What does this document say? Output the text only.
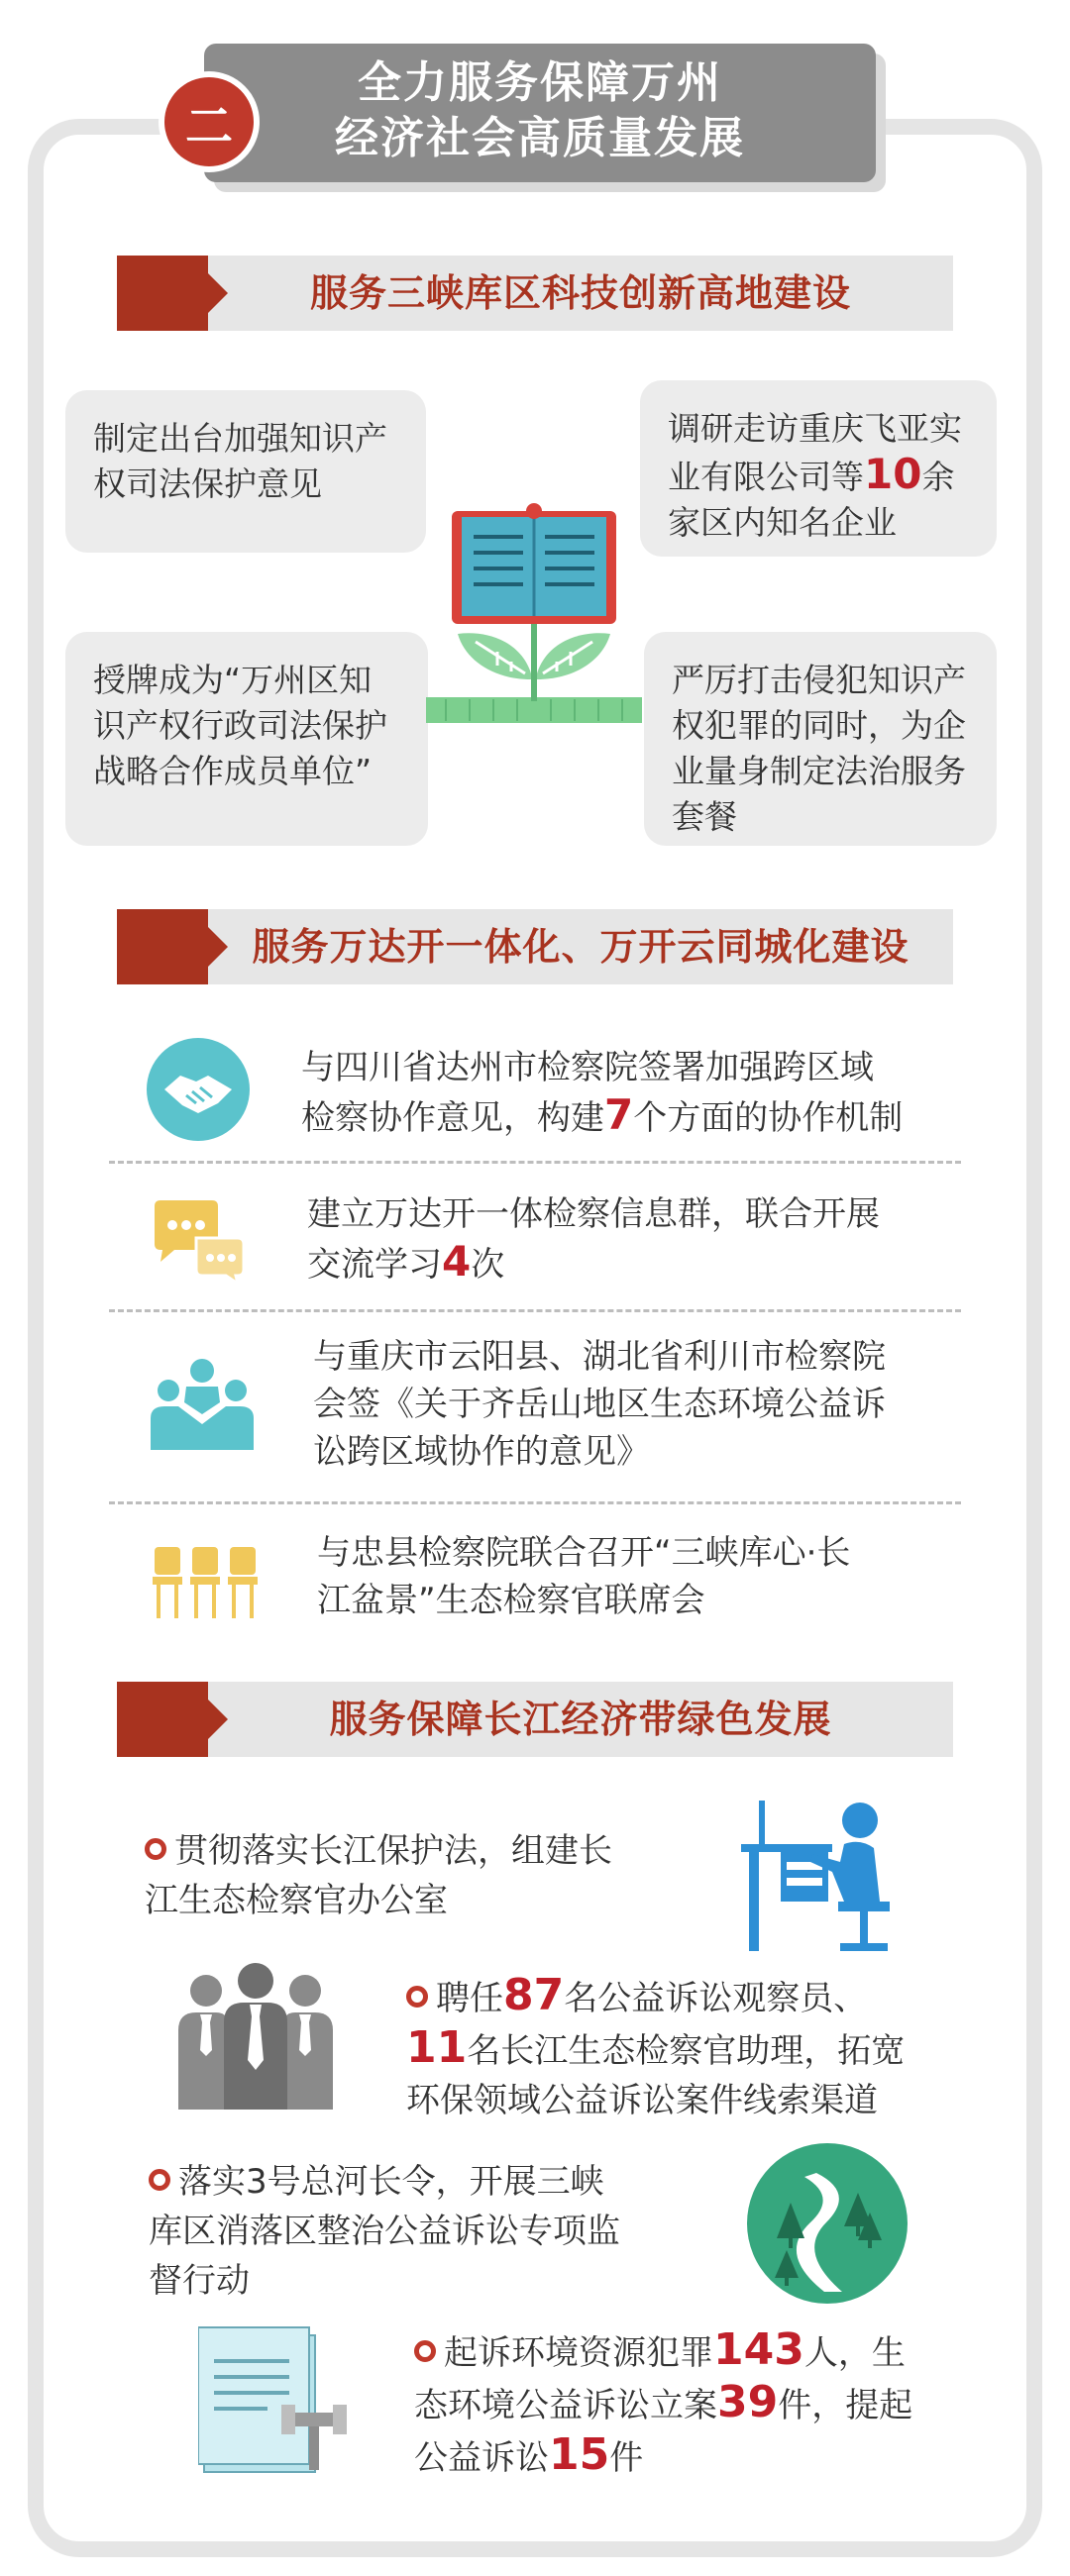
全力服务保障万州
经济社会高质量发展
二
服务三峡库区科技创新高地建设
制定出台加强知识产权司法保护意见
调研走访重庆飞亚实业有限公司等10余家区内知名企业
授牌成为“万州区知识产权行政司法保护战略合作成员单位”
严厉打击侵犯知识产权犯罪的同时，为企业量身制定法治服务套餐
服务万达开一体化、万开云同城化建设
与四川省达州市检察院签署加强跨区域
检察协作意见，构建7个方面的协作机制
建立万达开一体检察信息群，联合开展
交流学习4次
与重庆市云阳县、湖北省利川市检察院
会签《关于齐岳山地区生态环境公益诉
讼跨区域协作的意见》
与忠县检察院联合召开“三峡库心·长
江盆景”生态检察官联席会
服务保障长江经济带绿色发展
贯彻落实长江保护法，组建长
江生态检察官办公室
聘任87名公益诉讼观察员、
11名长江生态检察官助理，拓宽
环保领域公益诉讼案件线索渠道
落实3号总河长令，开展三峡
库区消落区整治公益诉讼专项监
督行动
起诉环境资源犯罪143人，生
态环境公益诉讼立案39件，提起
公益诉讼15件
